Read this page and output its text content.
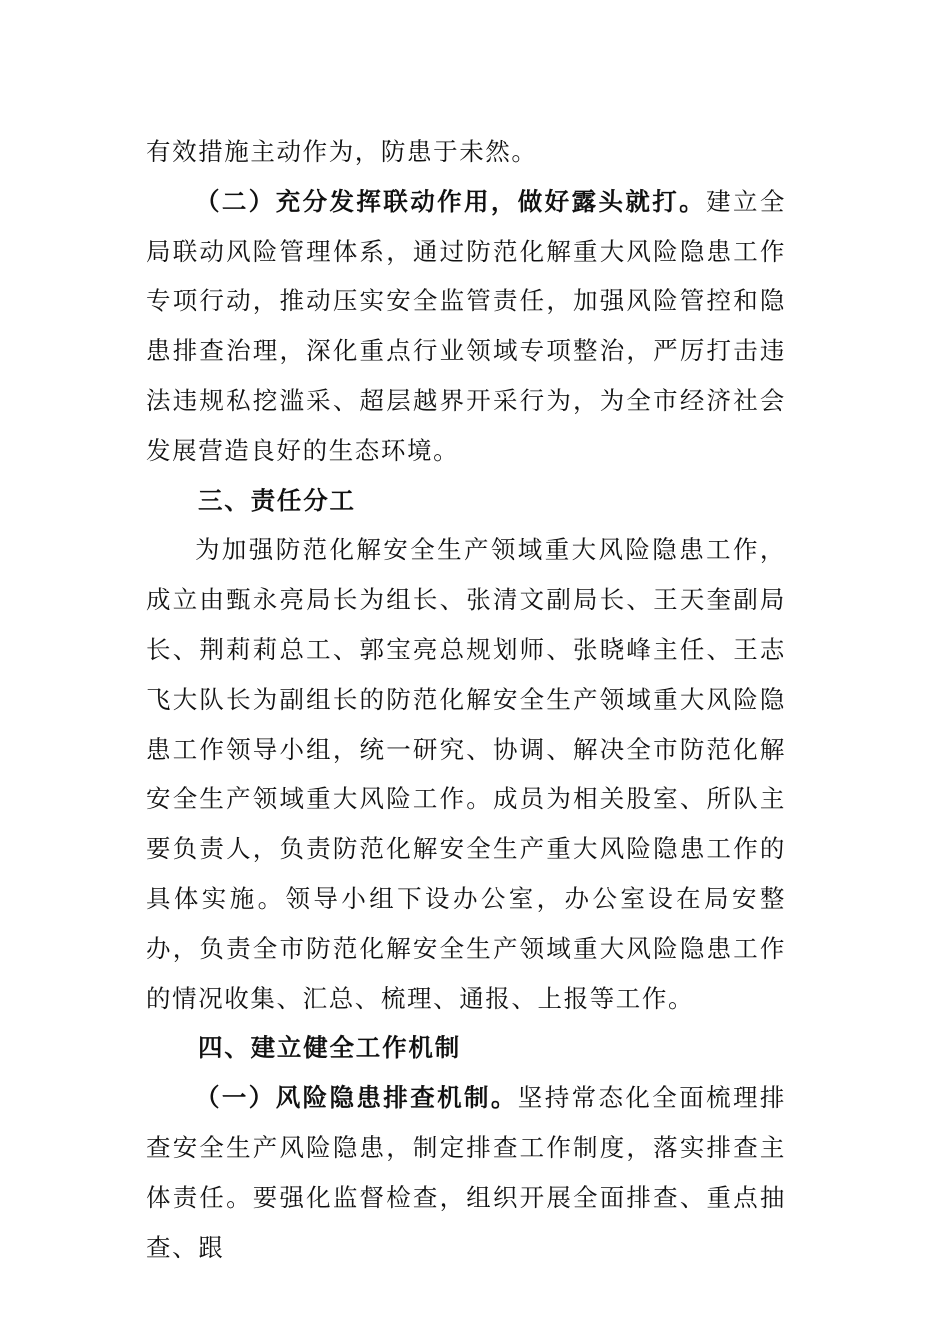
有效措施主动作为，防患于未然。

（二）充分发挥联动作用，做好露头就打。建立全局联动风险管理体系，通过防范化解重大风险隐患工作专项行动，推动压实安全监管责任，加强风险管控和隐患排查治理，深化重点行业领域专项整治，严厉打击违法违规私挖滥采、超层越界开采行为，为全市经济社会发展营造良好的生态环境。

三、责任分工

为加强防范化解安全生产领域重大风险隐患工作，成立由甄永亮局长为组长、张清文副局长、王天奎副局长、荆莉莉总工、郭宝亮总规划师、张晓峰主任、王志飞大队长为副组长的防范化解安全生产领域重大风险隐患工作领导小组，统一研究、协调、解决全市防范化解安全生产领域重大风险工作。成员为相关股室、所队主要负责人，负责防范化解安全生产重大风险隐患工作的具体实施。领导小组下设办公室，办公室设在局安整办，负责全市防范化解安全生产领域重大风险隐患工作的情况收集、汇总、梳理、通报、上报等工作。

四、建立健全工作机制

（一）风险隐患排查机制。坚持常态化全面梳理排查安全生产风险隐患，制定排查工作制度，落实排查主体责任。要强化监督检查，组织开展全面排查、重点抽查、跟
